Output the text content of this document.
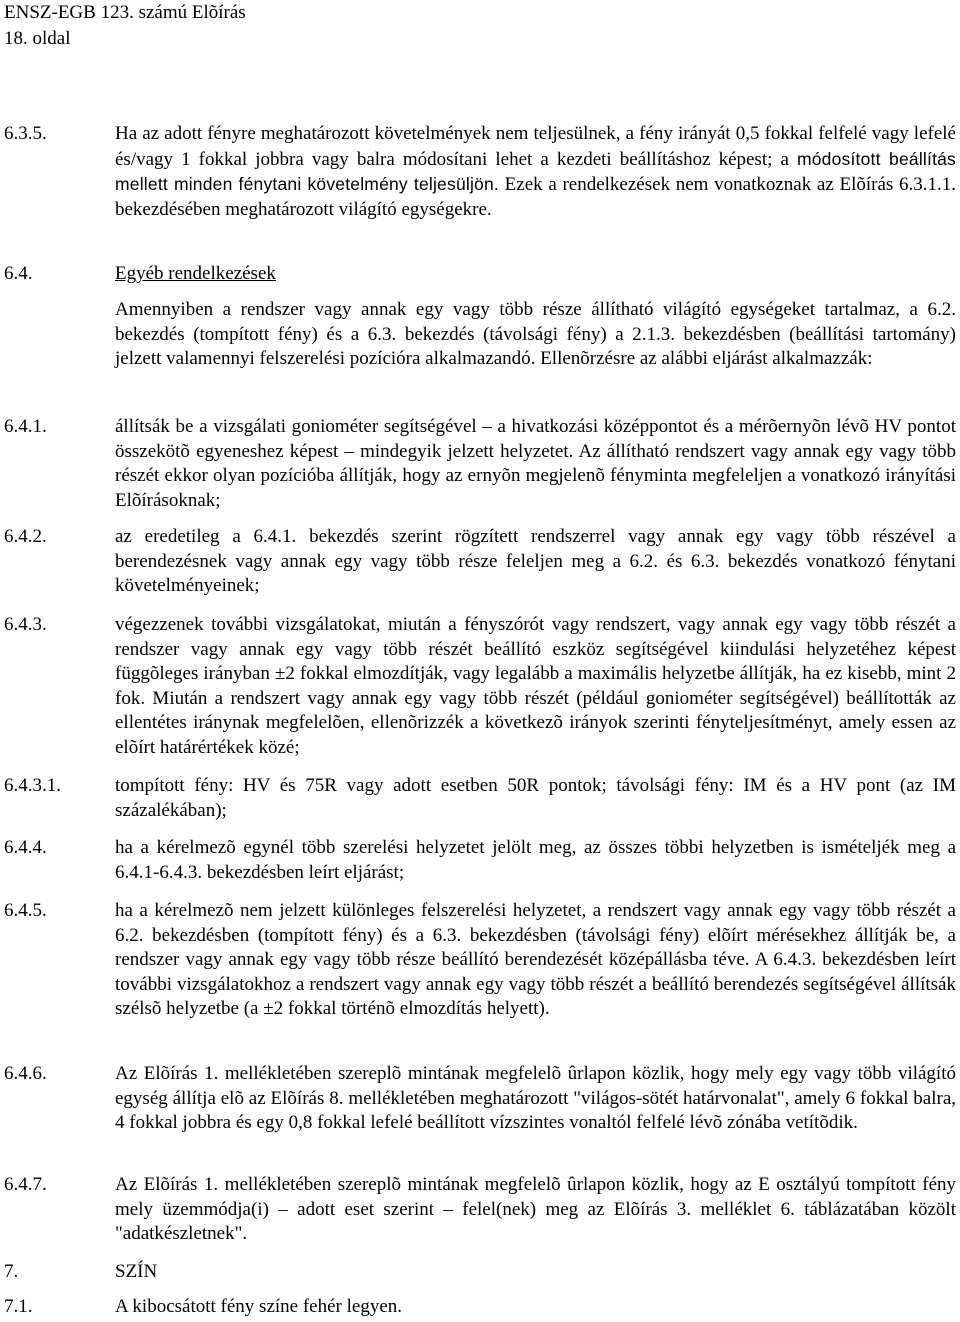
ENSZ-EGB 123. számú Elõírás
18. oldal
6.3.5.	Ha az adott fényre meghatározott követelmények nem teljesülnek, a fény irányát 0,5 fokkal felfelé vagy lefelé és/vagy 1 fokkal jobbra vagy balra módosítani lehet a kezdeti beállításhoz képest; a módosított beállítás mellett minden fénytani követelmény teljesüljön. Ezek a rendelkezések nem vonatkoznak az Elõírás 6.3.1.1. bekezdésében meghatározott világító egységekre.
6.4.	Egyéb rendelkezések
Amennyiben a rendszer vagy annak egy vagy több része állítható világító egységeket tartalmaz, a 6.2. bekezdés (tompított fény) és a 6.3. bekezdés (távolsági fény) a 2.1.3. bekezdésben (beállítási tartomány) jelzett valamennyi felszerelési pozícióra alkalmazandó. Ellenõrzésre az alábbi eljárást alkalmazzák:
6.4.1.	állítsák be a vizsgálati goniométer segítségével – a hivatkozási középpontot és a mérõernyõn lévõ HV pontot összekötõ egyeneshez képest – mindegyik jelzett helyzetet. Az állítható rendszert vagy annak egy vagy több részét ekkor olyan pozícióba állítják, hogy az ernyõn megjelenõ fényminta megfeleljen a vonatkozó irányítási Elõírásoknak;
6.4.2.	az eredetileg a 6.4.1. bekezdés szerint rögzített rendszerrel vagy annak egy vagy több részével a berendezésnek vagy annak egy vagy több része feleljen meg a 6.2. és 6.3. bekezdés vonatkozó fénytani követelményeinek;
6.4.3.	végezzenek további vizsgálatokat, miután a fényszórót vagy rendszert, vagy annak egy vagy több részét a rendszer vagy annak egy vagy több részét beállító eszköz segítségével kiindulási helyzetéhez képest függõleges irányban ±2 fokkal elmozdítják, vagy legalább a maximális helyzetbe állítják, ha ez kisebb, mint 2 fok. Miután a rendszert vagy annak egy vagy több részét (például goniométer segítségével) beállították az ellentétes iránynak megfelelõen, ellenõrizzék a következõ irányok szerinti fényteljesítményt, amely essen az elõírt határértékek közé;
6.4.3.1.	tompított fény: HV és 75R vagy adott esetben 50R pontok; távolsági fény: IM és a HV pont (az IM százalékában);
6.4.4.	ha a kérelmezõ egynél több szerelési helyzetet jelölt meg, az összes többi helyzetben is ismételjék meg a 6.4.1-6.4.3. bekezdésben leírt eljárást;
6.4.5.	ha a kérelmezõ nem jelzett különleges felszerelési helyzetet, a rendszert vagy annak egy vagy több részét a 6.2. bekezdésben (tompított fény) és a 6.3. bekezdésben (távolsági fény) elõírt mérésekhez állítják be, a rendszer vagy annak egy vagy több része beállító berendezését középállásba téve. A 6.4.3. bekezdésben leírt további vizsgálatokhoz a rendszert vagy annak egy vagy több részét a beállító berendezés segítségével állítsák szélsõ helyzetbe (a ±2 fokkal történõ elmozdítás helyett).
6.4.6.	Az Elõírás 1. mellékletében szereplõ mintának megfelelõ ûrlapon közlik, hogy mely egy vagy több világító egység állítja elõ az Elõírás 8. mellékletében meghatározott "világos-sötét határvonalat", amely 6 fokkal balra, 4 fokkal jobbra és egy 0,8 fokkal lefelé beállított vízszintes vonaltól felfelé lévõ zónába vetítõdik.
6.4.7.	Az Elõírás 1. mellékletében szereplõ mintának megfelelõ ûrlapon közlik, hogy az E osztályú tompított fény mely üzemmódja(i) – adott eset szerint – felel(nek) meg az Elõírás 3. melléklet 6. táblázatában közölt "adatkészletnek".
7.	SZÍN
7.1.	A kibocsátott fény színe fehér legyen.
